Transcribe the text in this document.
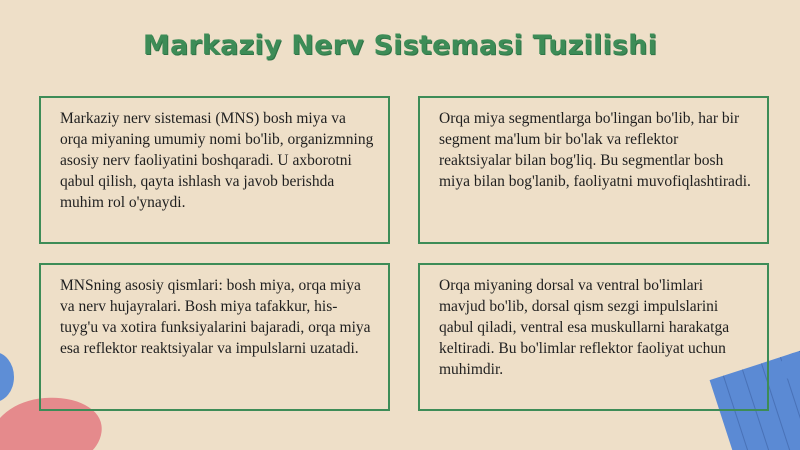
Markaziy Nerv Sistemasi Tuzilishi
Markaziy nerv sistemasi (MNS) bosh miya va orqa miyaning umumiy nomi bo'lib, organizmning asosiy nerv faoliyatini boshqaradi. U axborotni qabul qilish, qayta ishlash va javob berishda muhim rol o'ynaydi.
Orqa miya segmentlarga bo'lingan bo'lib, har bir segment ma'lum bir bo'lak va reflektor reaktsiyalar bilan bog'liq. Bu segmentlar bosh miya bilan bog'lanib, faoliyatni muvofiqlashtiradi.
MNSning asosiy qismlari: bosh miya, orqa miya va nerv hujayralari. Bosh miya tafakkur, his-tuyg'u va xotira funksiyalarini bajaradi, orqa miya esa reflektor reaktsiyalar va impulslarni uzatadi.
Orqa miyaning dorsal va ventral bo'limlari mavjud bo'lib, dorsal qism sezgi impulslarini qabul qiladi, ventral esa muskullarni harakatga keltiradi. Bu bo'limlar reflektor faoliyat uchun muhimdir.
